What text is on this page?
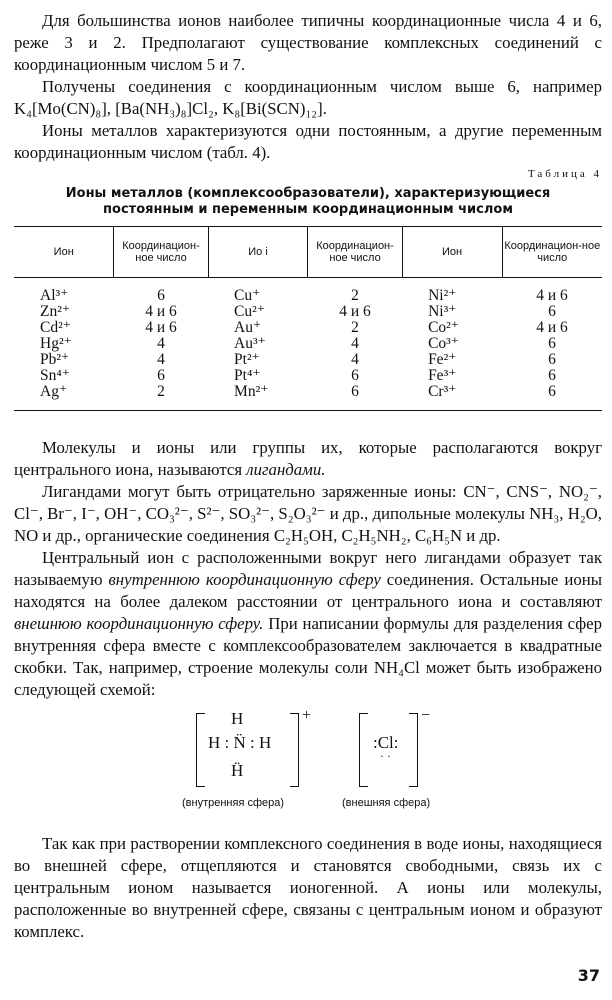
Для большинства ионов наиболее типичны координационные числа 4 и 6, реже 3 и 2. Предполагают существование комплексных соединений с координационным числом 5 и 7.

Получены соединения с координационным числом выше 6, например K₄[Mo(CN)₈], [Ba(NH₃)₈]Cl₂, K₈[Bi(SCN)₁₂].

Ионы металлов характеризуются одни постоянным, а другие переменным координационным числом (табл. 4).

Таблица 4

Ионы металлов (комплексообразователи), характеризующиеся
постоянным и переменным координационным числом
Ион	Координацион-ное число	Ио і	Координацион-ное число	Ион	Координацион-ное число
Al³⁺	6	Cu⁺	2	Ni²⁺	4 и 6
Zn²⁺	4 и 6	Cu²⁺	4 и 6	Ni³⁺	6
Cd²⁺	4 и 6	Au⁺	2	Co²⁺	4 и 6
Hg²⁺	4	Au³⁺	4	Co³⁺	6
Pb²⁺	4	Pt²⁺	4	Fe²⁺	6
Sn⁴⁺	6	Pt⁴⁺	6	Fe³⁺	6
Ag⁺	2	Mn²⁺	6	Cr³⁺	6

Молекулы и ионы или группы их, которые располагаются вокруг центрального иона, называются лигандами.

Лигандами могут быть отрицательно заряженные ионы: CN⁻, CNS⁻, NO₂⁻, Cl⁻, Br⁻, I⁻, OH⁻, CO₃²⁻, S²⁻, SO₃²⁻, S₂O₃²⁻ и др., дипольные молекулы NH₃, H₂O, NO и др., органические соединения C₂H₅OH, C₂H₅NH₂, C₆H₅N и др.

Центральный ион с расположенными вокруг него лигандами образует так называемую внутреннюю координационную сферу соединения. Остальные ионы находятся на более далеком расстоянии от центрального иона и составляют внешнюю координационную сферу. При написании формулы для разделения сфер внутренняя сфера вместе с комплексообразователем заключается в квадратные скобки. Так, например, строение молекулы соли NH₄Cl может быть изображено следующей схемой:

H
H : N̈ : H
Ḧ
+
:Cl:
· ·
−
(внутренняя сфера)	(внешняя сфера)

Так как при растворении комплексного соединения в воде ионы, находящиеся во внешней сфере, отщепляются и становятся свободными, связь их с центральным ионом называется ионогенной. А ионы или молекулы, расположенные во внутренней сфере, связаны с центральным ионом и образуют комплекс.

37
